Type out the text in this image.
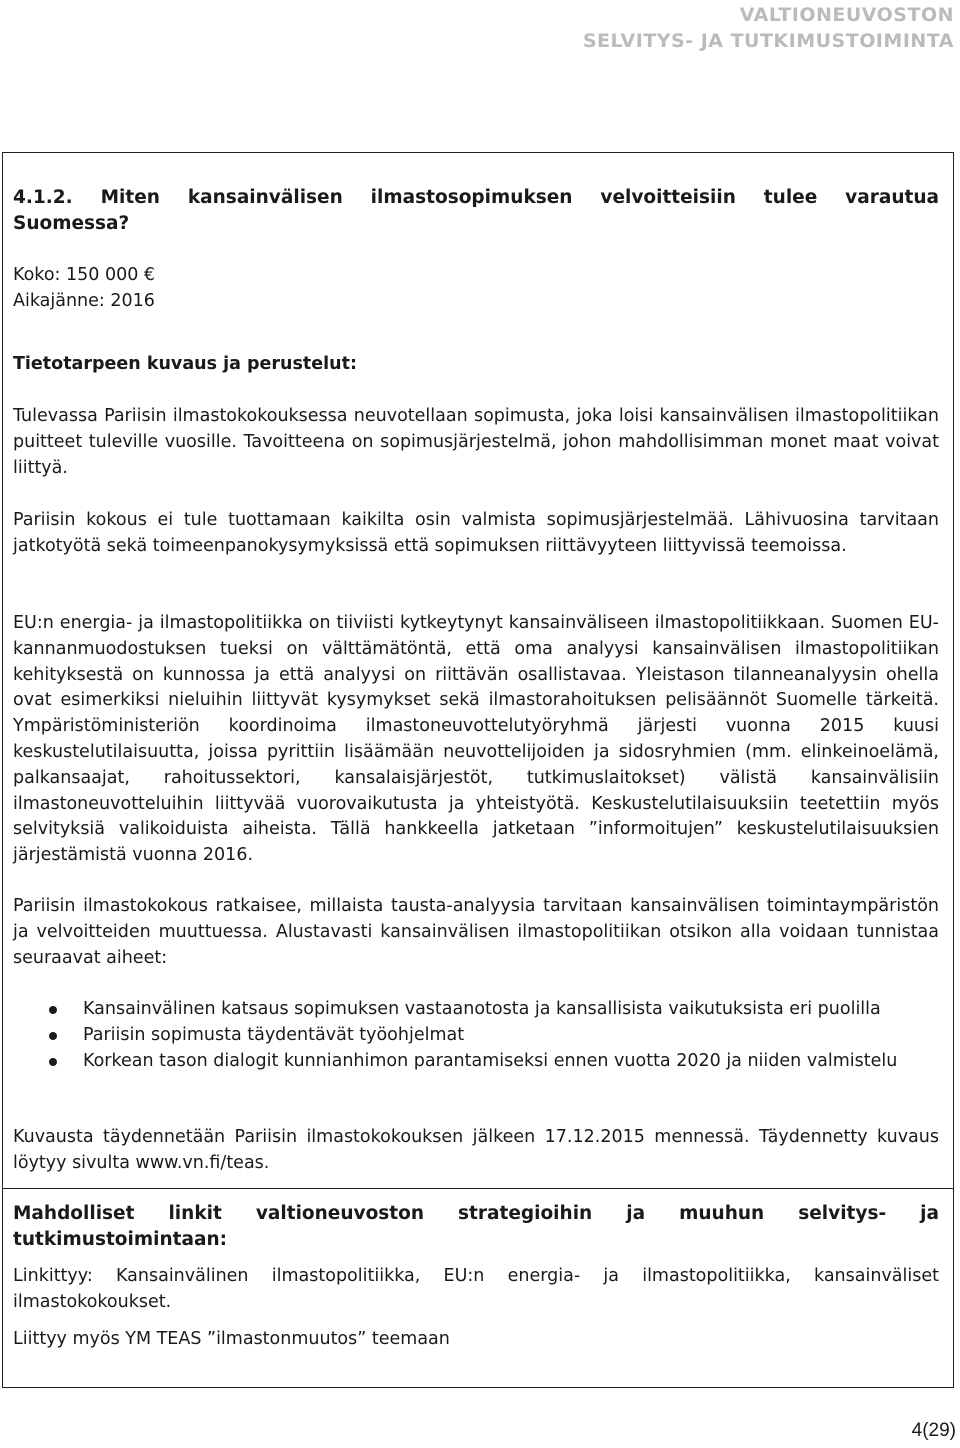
VALTIONEUVOSTON
SELVITYS- JA TUTKIMUSTOIMINTA

4.1.2. Miten kansainvälisen ilmastosopimuksen velvoitteisiin tulee varautua Suomessa?

Koko: 150 000 €

Aikajänne: 2016

Tietotarpeen kuvaus ja perustelut:

Tulevassa Pariisin ilmastokokouksessa neuvotellaan sopimusta, joka loisi kansainvälisen ilmastopolitiikan puitteet tuleville vuosille. Tavoitteena on sopimusjärjestelmä, johon mahdollisimman monet maat voivat liittyä.

Pariisin kokous ei tule tuottamaan kaikilta osin valmista sopimusjärjestelmää. Lähivuosina tarvitaan jatkotyötä sekä toimeenpanokysymyksissä että sopimuksen riittävyyteen liittyvissä teemoissa.

EU:n energia- ja ilmastopolitiikka on tiiviisti kytkeytynyt kansainväliseen ilmastopolitiikkaan. Suomen EU-kannanmuodostuksen tueksi on välttämätöntä, että oma analyysi kansainvälisen ilmastopolitiikan kehityksestä on kunnossa ja että analyysi on riittävän osallistavaa. Yleistason tilanneanalyysin ohella ovat esimerkiksi nieluihin liittyvät kysymykset sekä ilmastorahoituksen pelisäännöt Suomelle tärkeitä. Ympäristöministeriön koordinoima ilmastoneuvottelutyöryhmä järjesti vuonna 2015 kuusi keskustelutilaisuutta, joissa pyrittiin lisäämään neuvottelijoiden ja sidosryhmien (mm. elinkeinoelämä, palkansaajat, rahoitussektori, kansalaisjärjestöt, tutkimuslaitokset) välistä kansainvälisiin ilmastoneuvotteluihin liittyvää vuorovaikutusta ja yhteistyötä. Keskustelutilaisuuksiin teetettiin myös selvityksiä valikoiduista aiheista. Tällä hankkeella jatketaan ”informoitujen” keskustelutilaisuuksien järjestämistä vuonna 2016.

Pariisin ilmastokokous ratkaisee, millaista tausta-analyysia tarvitaan kansainvälisen toimintaympäristön ja velvoitteiden muuttuessa. Alustavasti kansainvälisen ilmastopolitiikan otsikon alla voidaan tunnistaa seuraavat aiheet:

Kansainvälinen katsaus sopimuksen vastaanotosta ja kansallisista vaikutuksista eri puolilla
Pariisin sopimusta täydentävät työohjelmat
Korkean tason dialogit kunnianhimon parantamiseksi ennen vuotta 2020 ja niiden valmistelu

Kuvausta täydennetään Pariisin ilmastokokouksen jälkeen 17.12.2015 mennessä. Täydennetty kuvaus löytyy sivulta www.vn.fi/teas.

Mahdolliset linkit valtioneuvoston strategioihin ja muuhun selvitys- ja tutkimustoimintaan:

Linkittyy: Kansainvälinen ilmastopolitiikka, EU:n energia- ja ilmastopolitiikka, kansainväliset ilmastokokoukset.

Liittyy myös YM TEAS ”ilmastonmuutos” teemaan

4(29)
